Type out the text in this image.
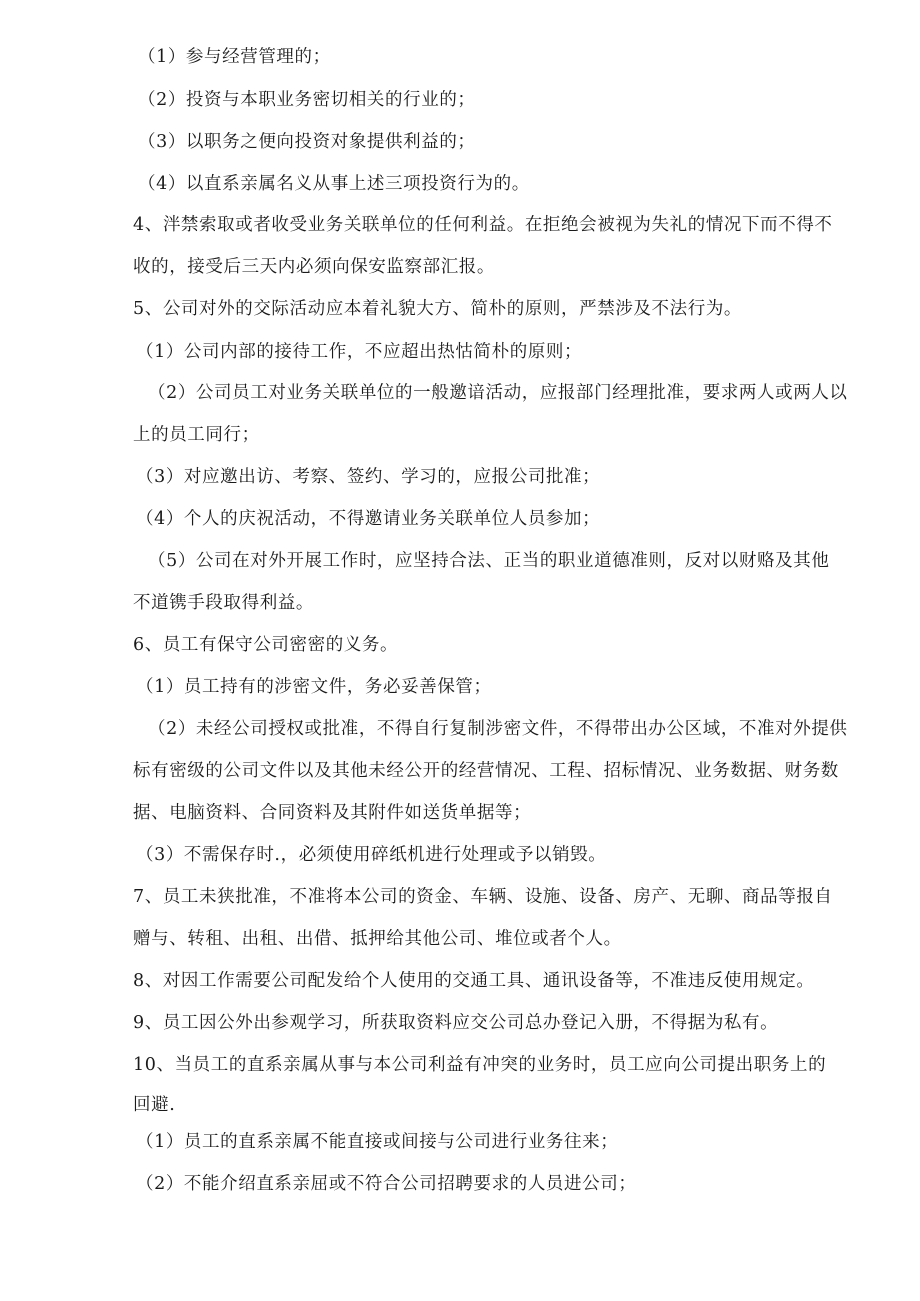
（1）参与经营管理的；
（2）投资与本职业务密切相关的行业的；
（3）以职务之便向投资对象提供利益的；
（4）以直系亲属名义从事上述三项投资行为的。
4、泮禁索取或者收受业务关联单位的任何利益。在拒绝会被视为失礼的情况下而不得不
收的，接受后三天内必须向保安监察部汇报。
5、公司对外的交际活动应本着礼貌大方、简朴的原则，严禁涉及不法行为。
（1）公司内部的接待工作，不应超出热怙简朴的原则；
（2）公司员工对业务关联单位的一般邀谙活动，应报部门经理批准，要求两人或两人以
上的员工同行；
（3）对应邀出访、考察、签约、学习的，应报公司批准；
（4）个人的庆祝活动，不得邀请业务关联单位人员参加；
（5）公司在对外开展工作时，应坚持合法、正当的职业道德准则，反对以财赂及其他
不道镌手段取得利益。
6、员工有保守公司密密的义务。
（1）员工持有的涉密文件，务必妥善保管；
（2）未经公司授权或批准，不得自行复制涉密文件，不得带出办公区域，不准对外提供
标有密级的公司文件以及其他未经公开的经营情况、工程、招标情况、业务数据、财务数
据、电脑资料、合同资料及其附件如送货单据等；
（3）不需保存时.，必须使用碎纸机进行处理或予以销毁。
7、员工未狭批准，不准将本公司的资金、车辆、设施、设备、房产、无聊、商品等报自
赠与、转租、出租、出借、抵押给其他公司、堆位或者个人。
8、对因工作需要公司配发给个人使用的交通工具、通讯设备等，不准违反使用规定。
9、员工因公外出参观学习，所获取资料应交公司总办登记入册，不得据为私有。
10、当员工的直系亲属从事与本公司利益有冲突的业务时，员工应向公司提出职务上的
回避.
（1）员工的直系亲属不能直接或间接与公司进行业务往来；
（2）不能介绍直系亲屈或不符合公司招聘要求的人员进公司；
